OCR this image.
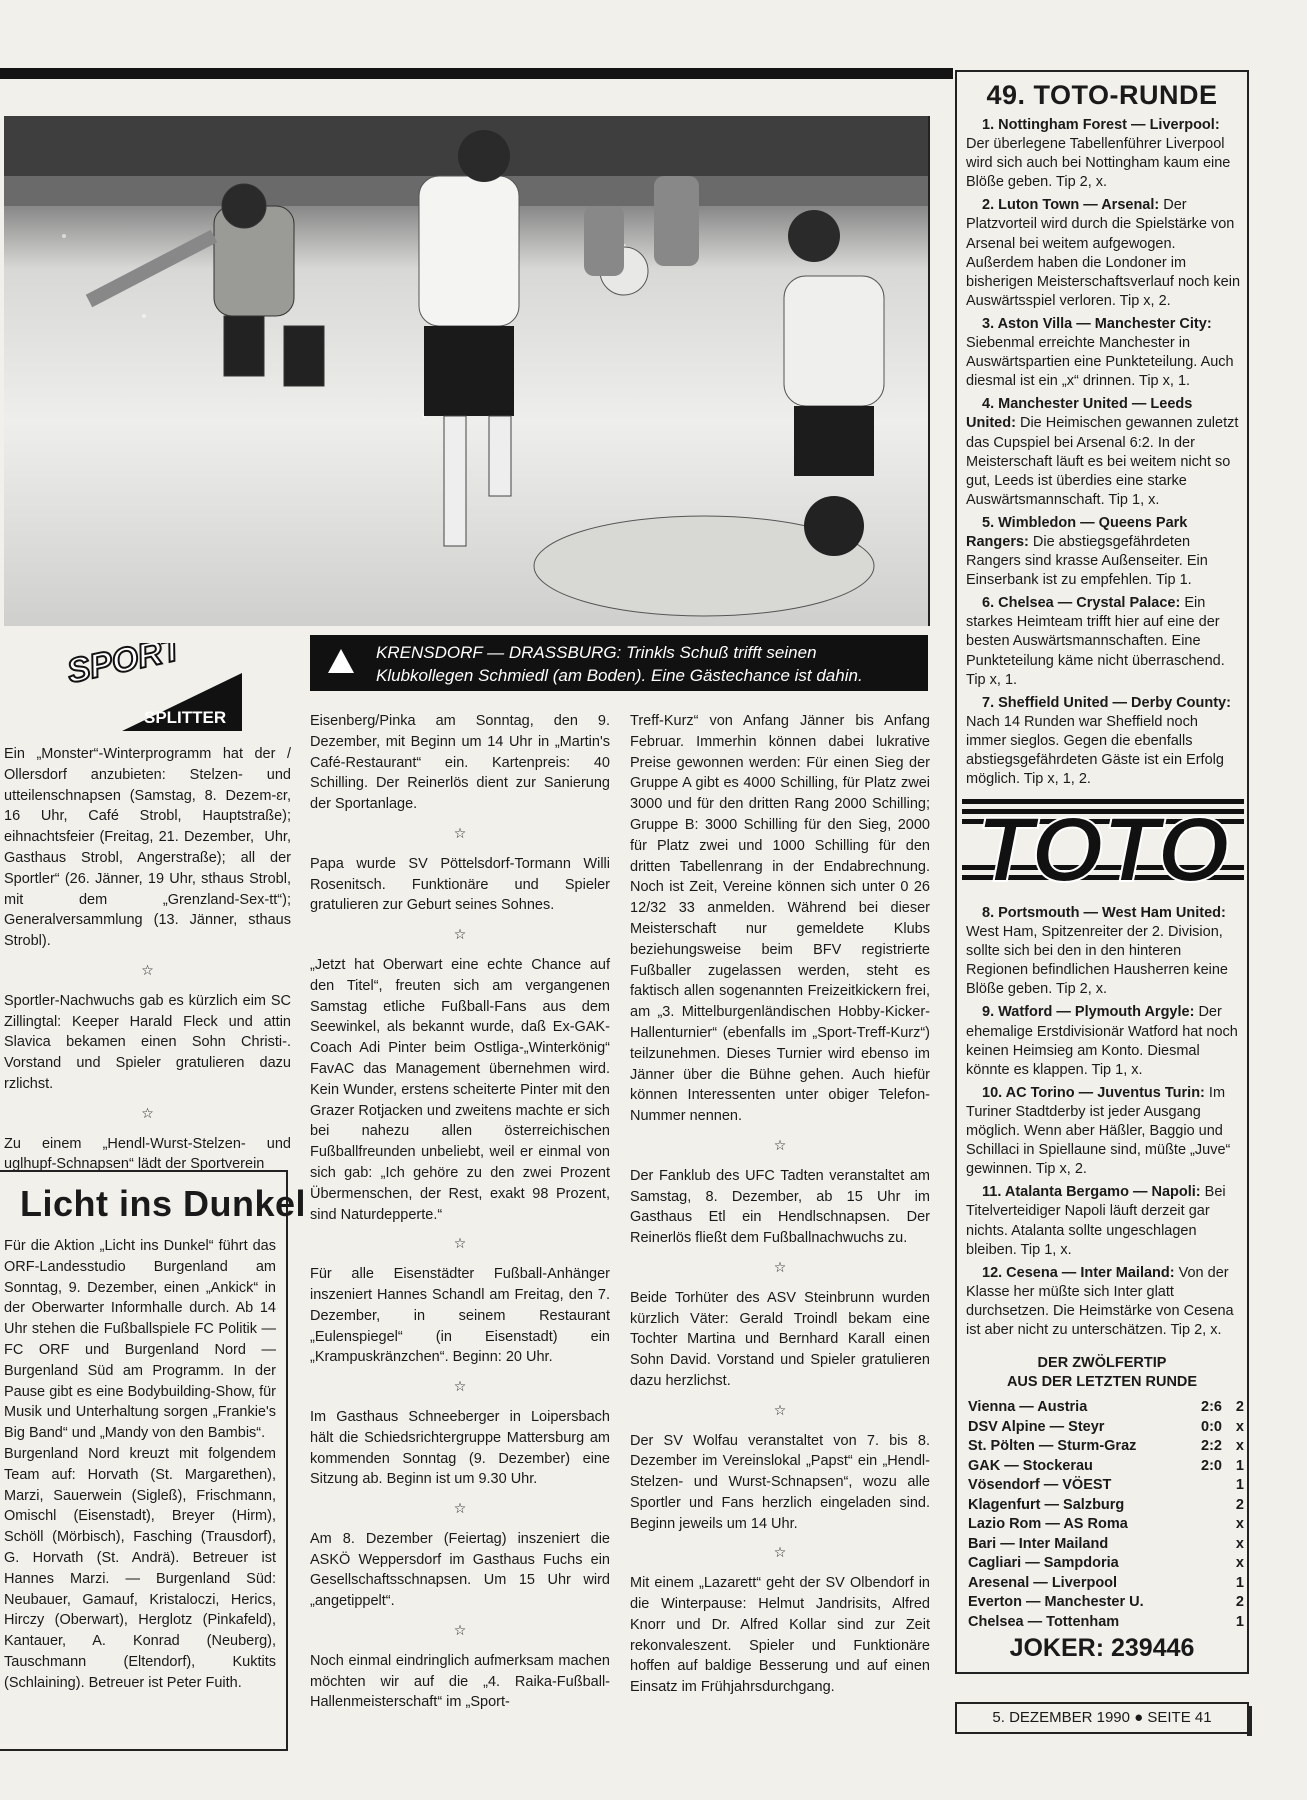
KRENSDORF — DRASSBURG: Trinkls Schuß trifft seinen Klubkollegen Schmiedl (am Boden). Eine Gästechance ist dahin.
SPORT
SPLITTER

Ein „Monster“-Winterprogramm hat der / Ollersdorf anzubieten: Stelzen- und ⁠utteilenschnapsen (Samstag, 8. Dezem-ɛr, 16 Uhr, Café Strobl, Hauptstraße); ⁠eihnachtsfeier (Freitag, 21. Dezember, ⁠ Uhr, Gasthaus Strobl, Angerstraße); ⁠all der Sportler“ (26. Jänner, 19 Uhr, ⁠sthaus Strobl, mit dem „Grenzland-Sex-⁠tt“); Generalversammlung (13. Jänner, ⁠sthaus Strobl).

☆

Sportler-Nachwuchs gab es kürzlich ⁠eim SC Zillingtal: Keeper Harald Fleck und ⁠attin Slavica bekamen einen Sohn Christi-⁠. Vorstand und Spieler gratulieren dazu ⁠rzlichst.

☆

Zu einem „Hendl-Wurst-Stelzen- und ⁠uglhupf-Schnapsen“ lädt der Sportverein

Licht ins Dunkel

Für die Aktion „Licht ins Dunkel“ führt das ORF-Landesstudio Burgenland am Sonntag, 9. Dezember, einen „Ankick“ in der Oberwarter Informhalle durch. Ab 14 Uhr stehen die Fußballspiele FC Politik — FC ORF und Burgenland Nord — Burgenland Süd am Programm. In der Pause gibt es eine Bodybuilding-Show, für Musik und Unterhaltung sorgen „Frankie's Big Band“ und „Mandy von den Bambis“.

Burgenland Nord kreuzt mit folgendem Team auf: Horvath (St. Margarethen), Marzi, Sauerwein (Sigleß), Frischmann, Omischl (Eisenstadt), Breyer (Hirm), Schöll (Mörbisch), Fasching (Trausdorf), G. Horvath (St. Andrä). Betreuer ist Hannes Marzi. — Burgenland Süd: Neubauer, Gamauf, Kristaloczi, Herics, Hirczy (Oberwart), Herglotz (Pinkafeld), Kantauer, A. Konrad (Neuberg), Tauschmann (Eltendorf), Kuktits (Schlaining). Betreuer ist Peter Fuith.

Eisenberg/Pinka am Sonntag, den 9. Dezember, mit Beginn um 14 Uhr in „Martin's Café-Restaurant“ ein. Kartenpreis: 40 Schilling. Der Reinerlös dient zur Sanierung der Sportanlage.

☆

Papa wurde SV Pöttelsdorf-Tormann Willi Rosenitsch. Funktionäre und Spieler gratulieren zur Geburt seines Sohnes.

☆

„Jetzt hat Oberwart eine echte Chance auf den Titel“, freuten sich am vergangenen Samstag etliche Fußball-Fans aus dem Seewinkel, als bekannt wurde, daß Ex-GAK-Coach Adi Pinter beim Ostliga-„Winterkönig“ FavAC das Management übernehmen wird. Kein Wunder, erstens scheiterte Pinter mit den Grazer Rotjacken und zweitens machte er sich bei nahezu allen österreichischen Fußballfreunden unbeliebt, weil er einmal von sich gab: „Ich gehöre zu den zwei Prozent Übermenschen, der Rest, exakt 98 Prozent, sind Naturdepperte.“

☆

Für alle Eisenstädter Fußball-Anhänger inszeniert Hannes Schandl am Freitag, den 7. Dezember, in seinem Restaurant „Eulenspiegel“ (in Eisenstadt) ein „Krampuskränzchen“. Beginn: 20 Uhr.

☆

Im Gasthaus Schneeberger in Loipersbach hält die Schiedsrichtergruppe Mattersburg am kommenden Sonntag (9. Dezember) eine Sitzung ab. Beginn ist um 9.30 Uhr.

☆

Am 8. Dezember (Feiertag) inszeniert die ASKÖ Weppersdorf im Gasthaus Fuchs ein Gesellschaftsschnapsen. Um 15 Uhr wird „angetippelt“.

☆

Noch einmal eindringlich aufmerksam machen möchten wir auf die „4. Raika-Fußball-Hallenmeisterschaft“ im „Sport-

Treff-Kurz“ von Anfang Jänner bis Anfang Februar. Immerhin können dabei lukrative Preise gewonnen werden: Für einen Sieg der Gruppe A gibt es 4000 Schilling, für Platz zwei 3000 und für den dritten Rang 2000 Schilling; Gruppe B: 3000 Schilling für den Sieg, 2000 für Platz zwei und 1000 Schilling für den dritten Tabellenrang in der Endabrechnung. Noch ist Zeit, Vereine können sich unter 0 26 12/32 33 anmelden. Während bei dieser Meisterschaft nur gemeldete Klubs beziehungsweise beim BFV registrierte Fußballer zugelassen werden, steht es faktisch allen sogenannten Freizeitkickern frei, am „3. Mittelburgenländischen Hobby-Kicker-Hallenturnier“ (ebenfalls im „Sport-Treff-Kurz“) teilzunehmen. Dieses Turnier wird ebenso im Jänner über die Bühne gehen. Auch hiefür können Interessenten unter obiger Telefon-Nummer nennen.

☆

Der Fanklub des UFC Tadten veranstaltet am Samstag, 8. Dezember, ab 15 Uhr im Gasthaus Etl ein Hendlschnapsen. Der Reinerlös fließt dem Fußballnachwuchs zu.

☆

Beide Torhüter des ASV Steinbrunn wurden kürzlich Väter: Gerald Troindl bekam eine Tochter Martina und Bernhard Karall einen Sohn David. Vorstand und Spieler gratulieren dazu herzlichst.

☆

Der SV Wolfau veranstaltet von 7. bis 8. Dezember im Vereinslokal „Papst“ ein „Hendl-Stelzen- und Wurst-Schnapsen“, wozu alle Sportler und Fans herzlich eingeladen sind. Beginn jeweils um 14 Uhr.

☆

Mit einem „Lazarett“ geht der SV Olbendorf in die Winterpause: Helmut Jandrisits, Alfred Knorr und Dr. Alfred Kollar sind zur Zeit rekonvaleszent. Spieler und Funktionäre hoffen auf baldige Besserung und auf einen Einsatz im Frühjahrsdurchgang.

49. TOTO-RUNDE

1. Nottingham Forest — Liverpool: Der überlegene Tabellenführer Liverpool wird sich auch bei Nottingham kaum eine Blöße geben. Tip 2, x.

2. Luton Town — Arsenal: Der Platzvorteil wird durch die Spielstärke von Arsenal bei weitem aufgewogen. Außerdem haben die Londoner im bisherigen Meisterschaftsverlauf noch kein Auswärtsspiel verloren. Tip x, 2.

3. Aston Villa — Manchester City: Siebenmal erreichte Manchester in Auswärtspartien eine Punkteteilung. Auch diesmal ist ein „x“ drinnen. Tip x, 1.

4. Manchester United — Leeds United: Die Heimischen gewannen zuletzt das Cupspiel bei Arsenal 6:2. In der Meisterschaft läuft es bei weitem nicht so gut, Leeds ist überdies eine starke Auswärtsmannschaft. Tip 1, x.

5. Wimbledon — Queens Park Rangers: Die abstiegsgefährdeten Rangers sind krasse Außenseiter. Ein Einserbank ist zu empfehlen. Tip 1.

6. Chelsea — Crystal Palace: Ein starkes Heimteam trifft hier auf eine der besten Auswärtsmannschaften. Eine Punkteteilung käme nicht überraschend. Tip x, 1.

7. Sheffield United — Derby County: Nach 14 Runden war Sheffield noch immer sieglos. Gegen die ebenfalls abstiegsgefährdeten Gäste ist ein Erfolg möglich. Tip x, 1, 2.

TOTO

8. Portsmouth — West Ham United: West Ham, Spitzenreiter der 2. Division, sollte sich bei den in den hinteren Regionen befindlichen Hausherren keine Blöße geben. Tip 2, x.

9. Watford — Plymouth Argyle: Der ehemalige Erstdivisionär Watford hat noch keinen Heimsieg am Konto. Diesmal könnte es klappen. Tip 1, x.

10. AC Torino — Juventus Turin: Im Turiner Stadtderby ist jeder Ausgang möglich. Wenn aber Häßler, Baggio und Schillaci in Spiellaune sind, müßte „Juve“ gewinnen. Tip x, 2.

11. Atalanta Bergamo — Napoli: Bei Titelverteidiger Napoli läuft derzeit gar nichts. Atalanta sollte ungeschlagen bleiben. Tip 1, x.

12. Cesena — Inter Mailand: Von der Klasse her müßte sich Inter glatt durchsetzen. Die Heimstärke von Cesena ist aber nicht zu unterschätzen. Tip 2, x.

DER ZWÖLFERTIP
AUS DER LETZTEN RUNDE
Vienna — Austria	2:6 2
DSV Alpine — Steyr	0:0 x
St. Pölten — Sturm-Graz	2:2 x
GAK — Stockerau	2:0 1
Vösendorf — VÖEST	1
Klagenfurt — Salzburg	2
Lazio Rom — AS Roma	x
Bari — Inter Mailand	x
Cagliari — Sampdoria	x
Aresenal — Liverpool	1
Everton — Manchester U.	2
Chelsea — Tottenham	1
JOKER: 239446
5. DEZEMBER 1990 ● SEITE 41
